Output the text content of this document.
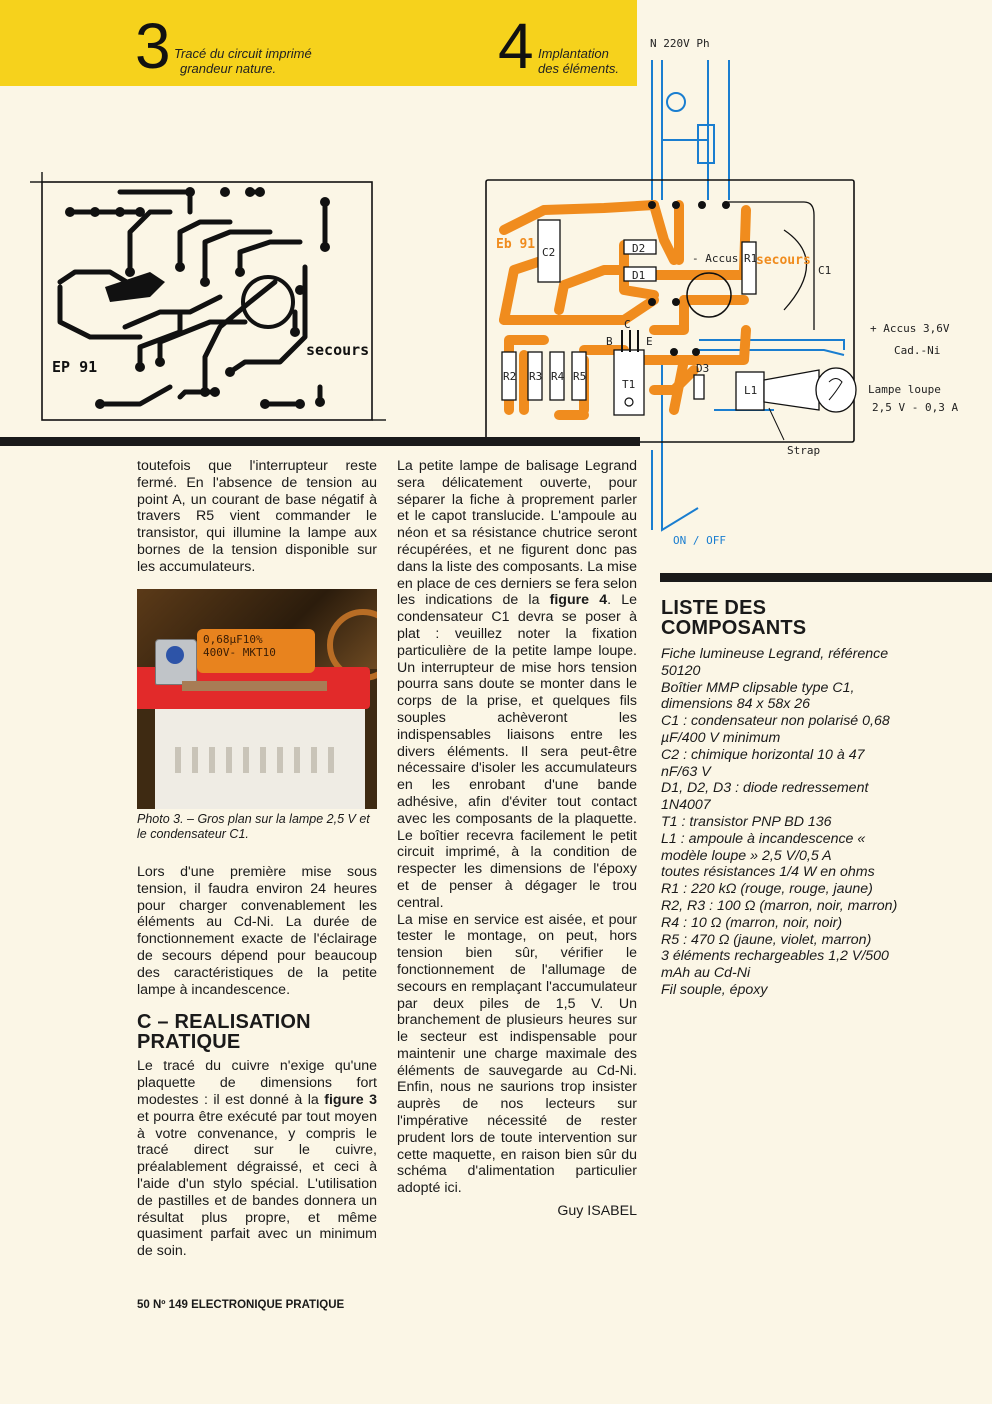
3 Tracé du circuit imprimé
grandeur nature.	4 Implantation
des éléments.
EP 91
secours
N 220V Ph
Eb 91
secours
D2
D1
D3
C1
C2	R1
R2 R3 R4 R5
T1	L1
B
C
E
- Accus
+ Accus 3,6V
Cad.-Ni
Lampe loupe
2,5 V - 0,3 A
Strap
ON / OFF

toutefois que l'interrupteur reste fermé. En l'absence de tension au point A, un courant de base négatif à travers R5 vient commander le transistor, qui illumine la lampe aux bornes de la tension disponible sur les accumulateurs.

0,68µF10%
400V- MKT10
Photo 3. – Gros plan sur la lampe 2,5 V et le condensateur C1.

Lors d'une première mise sous tension, il faudra environ 24 heures pour charger convenablement les éléments au Cd-Ni. La durée de fonctionnement exacte de l'éclairage de secours dépend pour beaucoup des caractéristiques de la petite lampe à incandescence.

C – REALISATION
PRATIQUE

Le tracé du cuivre n'exige qu'une plaquette de dimensions fort modestes : il est donné à la figure 3 et pourra être exécuté par tout moyen à votre convenance, y compris le tracé direct sur le cuivre, préalablement dégraissé, et ceci à l'aide d'un stylo spécial. L'utilisation de pastilles et de bandes donnera un résultat plus propre, et même quasiment parfait avec un minimum de soin.

La petite lampe de balisage Legrand sera délicatement ouverte, pour séparer la fiche à proprement parler et le capot translucide. L'ampoule au néon et sa résistance chutrice seront récupérées, et ne figurent donc pas dans la liste des composants. La mise en place de ces derniers se fera selon les indications de la figure 4. Le condensateur C1 devra se poser à plat : veuillez noter la fixation particulière de la petite lampe loupe. Un interrupteur de mise hors tension pourra sans doute se monter dans le corps de la prise, et quelques fils souples achèveront les indispensables liaisons entre les divers éléments. Il sera peut-être nécessaire d'isoler les accumulateurs en les enrobant d'une bande adhésive, afin d'éviter tout contact avec les composants de la plaquette. Le boîtier recevra facilement le petit circuit imprimé, à la condition de respecter les dimensions de l'époxy et de penser à dégager le trou central.

La mise en service est aisée, et pour tester le montage, on peut, hors tension bien sûr, vérifier le fonctionnement de l'allumage de secours en remplaçant l'accumulateur par deux piles de 1,5 V. Un branchement de plusieurs heures sur le secteur est indispensable pour maintenir une charge maximale des éléments de sauvegarde au Cd-Ni. Enfin, nous ne saurions trop insister auprès de nos lecteurs sur l'impérative nécessité de rester prudent lors de toute intervention sur cette maquette, en raison bien sûr du schéma d'alimentation particulier adopté ici.

Guy ISABEL
LISTE DES
COMPOSANTS

Fiche lumineuse Legrand, référence 50120

Boîtier MMP clipsable type C1, dimensions 84 x 58x 26

C1 : condensateur non polarisé 0,68 µF/400 V minimum

C2 : chimique horizontal 10 à 47 nF/63 V

D1, D2, D3 : diode redressement 1N4007

T1 : transistor PNP BD 136

L1 : ampoule à incandescence « modèle loupe » 2,5 V/0,5 A

toutes résistances 1/4 W en ohms

R1 : 220 kΩ (rouge, rouge, jaune)

R2, R3 : 100 Ω (marron, noir, marron)

R4 : 10 Ω (marron, noir, noir)

R5 : 470 Ω (jaune, violet, marron)

3 éléments rechargeables 1,2 V/500 mAh au Cd-Ni

Fil souple, époxy

50 Nº 149 ELECTRONIQUE PRATIQUE
